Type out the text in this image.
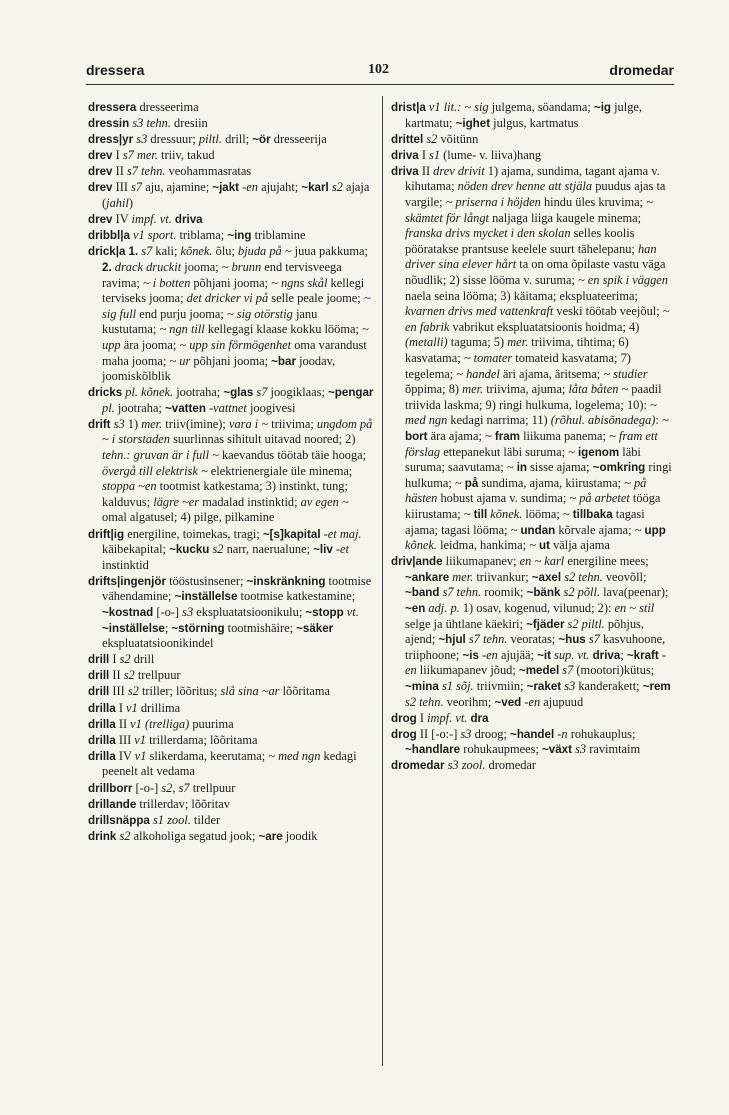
dressera	102	dromedar

dressera dresseerima

dressin s3 tehn. dresiin

dress|yr s3 dressuur; piltl. drill; ~ör dresseerija

drev I s7 mer. triiv, takud

drev II s7 tehn. veohammasratas

drev III s7 aju, ajamine; ~jakt -en ajujaht; ~karl s2 ajaja (jahil)

drev IV impf. vt. driva

dribbl|a v1 sport. triblama; ~ing triblamine

drick|a 1. s7 kali; kõnek. õlu; bjuda på ~ juua pakkuma; 2. drack druckit jooma; ~ brunn end tervisveega ravima; ~ i botten põhjani jooma; ~ ngns skål kellegi terviseks jooma; det dricker vi på selle peale joome; ~ sig full end purju jooma; ~ sig otörstig janu kustutama; ~ ngn till kellegagi klaase kokku lööma; ~ upp ära jooma; ~ upp sin förmögenhet oma varandust maha jooma; ~ ur põhjani jooma; ~bar joodav, joomiskõlblik

dricks pl. kõnek. jootraha; ~glas s7 joogiklaas; ~pengar pl. jootraha; ~vatten -vattnet joogivesi

drift s3 1) mer. triiv(imine); vara i ~ triivima; ungdom på ~ i storstaden suurlinnas sihitult uitavad noored; 2) tehn.: gruvan är i full ~ kaevandus töötab täie hooga; övergå till elektrisk ~ elektrienergiale üle minema; stoppa ~en tootmist katkestama; 3) instinkt, tung; kalduvus; lägre ~er madalad instinktid; av egen ~ omal algatusel; 4) pilge, pilkamine

drift|ig energiline, toimekas, tragi; ~[s]kapital -et maj. käibekapital; ~kucku s2 narr, naerualune; ~liv -et instinktid

drifts|ingenjör tööstusinsener; ~inskränkning tootmise vähendamine; ~inställelse tootmise katkestamine; ~kostnad [-o-] s3 ekspluatatsioonikulu; ~stopp vt. ~inställelse; ~störning tootmishäire; ~säker ekspluatatsioonikindel

drill I s2 drill

drill II s2 trellpuur

drill III s2 triller; lõõritus; slå sina ~ar lõõritama

drilla I v1 drillima

drilla II v1 (trelliga) puurima

drilla III v1 trillerdama; lõõritama

drilla IV v1 slikerdama, keerutama; ~ med ngn kedagi peenelt alt vedama

drillborr [-o-] s2, s7 trellpuur

drillande trillerdav; lõõritav

drillsnäppa s1 zool. tilder

drink s2 alkoholiga segatud jook; ~are joodik

drist|a v1 lit.: ~ sig julgema, söandama; ~ig julge, kartmatu; ~ighet julgus, kartmatus

drittel s2 võitünn

driva I s1 (lume- v. liiva)hang

driva II drev drivit 1) ajama, sundima, tagant ajama v. kihutama; nöden drev henne att stjäla puudus ajas ta vargile; ~ priserna i höjden hindu üles kruvima; ~ skämtet för långt naljaga liiga kaugele minema; franska drivs mycket i den skolan selles koolis pööratakse prantsuse keelele suurt tähelepanu; han driver sina elever hårt ta on oma õpilaste vastu väga nõudlik; 2) sisse lööma v. suruma; ~ en spik i väggen naela seina lööma; 3) käitama; ekspluateerima; kvarnen drivs med vattenkraft veski töötab veejõul; ~ en fabrik vabrikut ekspluatatsioonis hoidma; 4) (metalli) taguma; 5) mer. triivima, tihtima; 6) kasvatama; ~ tomater tomateid kasvatama; 7) tegelema; ~ handel äri ajama, äritsema; ~ studier õppima; 8) mer. triivima, ajuma; låta båten ~ paadil triivida laskma; 9) ringi hulkuma, logelema; 10): ~ med ngn kedagi narrima; 11) (rõhul. abisõnadega): ~ bort ära ajama; ~ fram liikuma panema; ~ fram ett förslag ettepanekut läbi suruma; ~ igenom läbi suruma; saavutama; ~ in sisse ajama; ~omkring ringi hulkuma; ~ på sundima, ajama, kiirustama; ~ på hästen hobust ajama v. sundima; ~ på arbetet tööga kiirustama; ~ till kõnek. lööma; ~ tillbaka tagasi ajama; tagasi lööma; ~ undan kõrvale ajama; ~ upp kõnek. leidma, hankima; ~ ut välja ajama

driv|ande liikumapanev; en ~ karl energiline mees; ~ankare mer. triivankur; ~axel s2 tehn. veovõll; ~band s7 tehn. roomik; ~bänk s2 põll. lava(peenar); ~en adj. p. 1) osav, kogenud, vilunud; 2): en ~ stil selge ja ühtlane käekiri; ~fjäder s2 piltl. põhjus, ajend; ~hjul s7 tehn. veoratas; ~hus s7 kasvuhoone, triiphoone; ~is -en ajujää; ~it sup. vt. driva; ~kraft -en liikumapanev jõud; ~medel s7 (mootori)kütus; ~mina s1 sõj. triivmiin; ~raket s3 kanderakett; ~rem s2 tehn. veorihm; ~ved -en ajupuud

drog I impf. vt. dra

drog II [-o:-] s3 droog; ~handel -n rohukauplus; ~handlare rohukaupmees; ~växt s3 ravimtaim

dromedar s3 zool. dromedar
